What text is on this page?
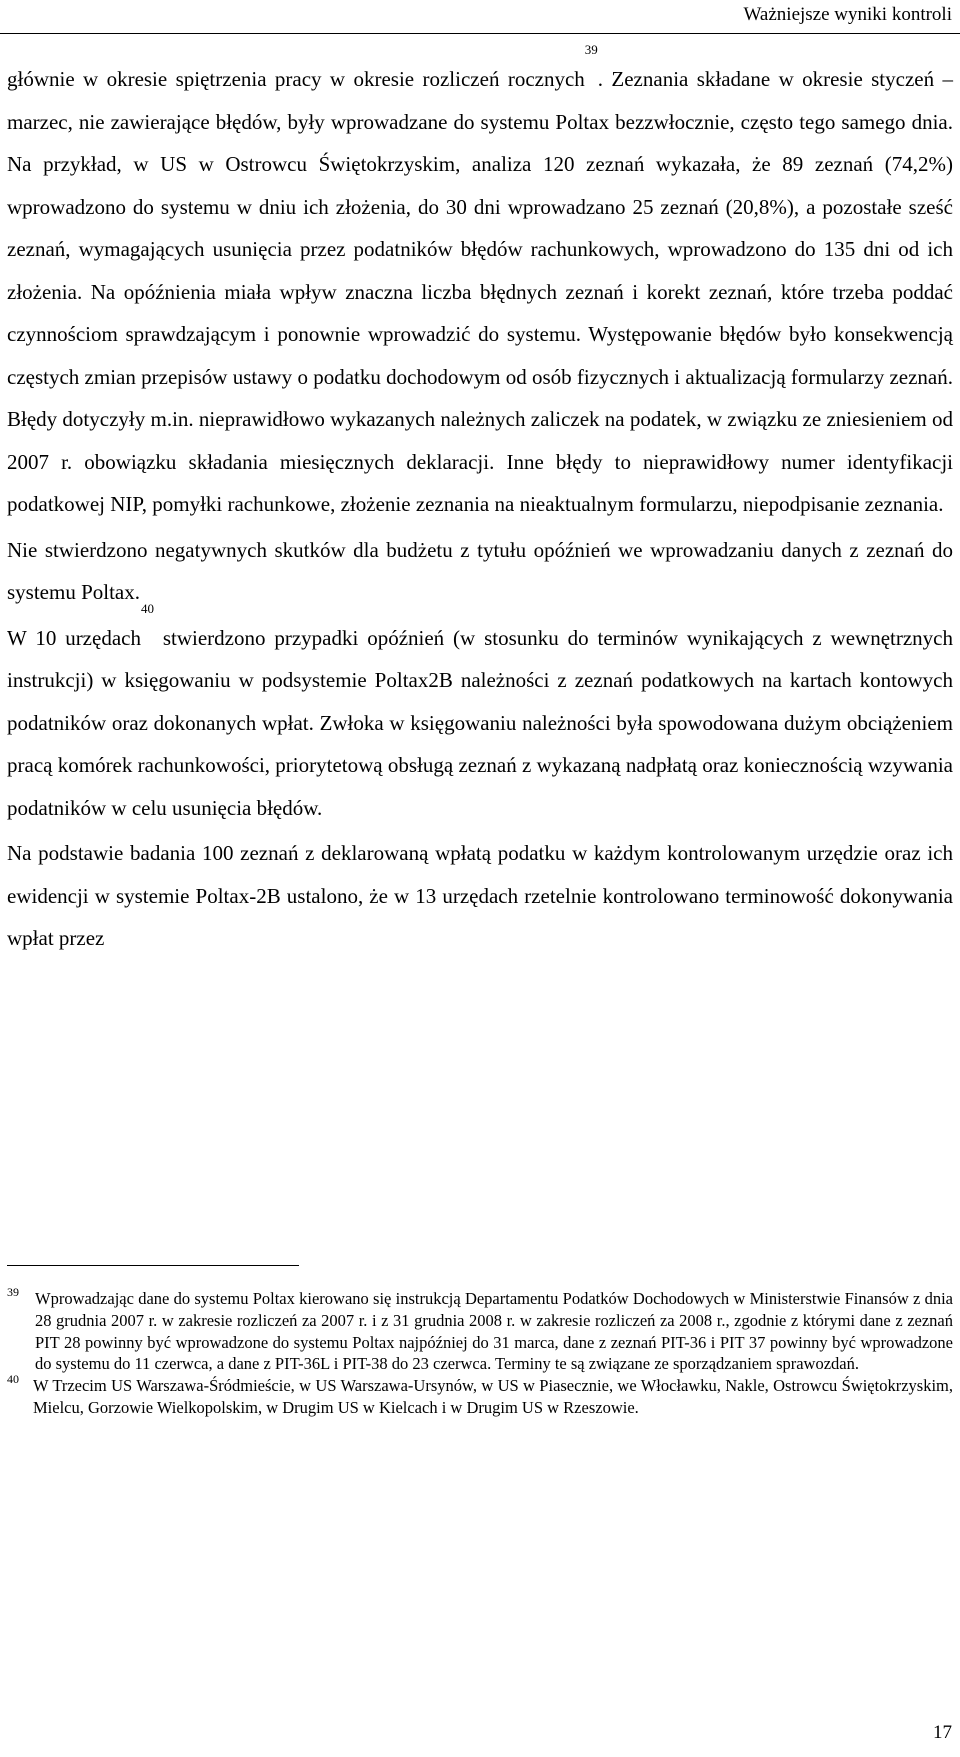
Ważniejsze wyniki kontroli

głównie w okresie spiętrzenia pracy w okresie rozliczeń rocznych$^{39}$. Zeznania składane w okresie styczeń – marzec, nie zawierające błędów, były wprowadzane do systemu Poltax bezzwłocznie, często tego samego dnia. Na przykład, w US w Ostrowcu Świętokrzyskim, analiza 120 zeznań wykazała, że 89 zeznań (74,2%) wprowadzono do systemu w dniu ich złożenia, do 30 dni wprowadzano 25 zeznań (20,8%), a pozostałe sześć zeznań, wymagających usunięcia przez podatników błędów rachunkowych, wprowadzono do 135 dni od ich złożenia. Na opóźnienia miała wpływ znaczna liczba błędnych zeznań i korekt zeznań, które trzeba poddać czynnościom sprawdzającym i ponownie wprowadzić do systemu. Występowanie błędów było konsekwencją częstych zmian przepisów ustawy o podatku dochodowym od osób fizycznych i aktualizacją formularzy zeznań. Błędy dotyczyły m.in. nieprawidłowo wykazanych należnych zaliczek na podatek, w związku ze zniesieniem od 2007 r. obowiązku składania miesięcznych deklaracji. Inne błędy to nieprawidłowy numer identyfikacji podatkowej NIP, pomyłki rachunkowe, złożenie zeznania na nieaktualnym formularzu, niepodpisanie zeznania.

Nie stwierdzono negatywnych skutków dla budżetu z tytułu opóźnień we wprowadzaniu danych z zeznań do systemu Poltax.

W 10 urzędach$^{40}$ stwierdzono przypadki opóźnień (w stosunku do terminów wynikających z wewnętrznych instrukcji) w księgowaniu w podsystemie Poltax2B należności z zeznań podatkowych na kartach kontowych podatników oraz dokonanych wpłat. Zwłoka w księgowaniu należności była spowodowana dużym obciążeniem pracą komórek rachunkowości, priorytetową obsługą zeznań z wykazaną nadpłatą oraz koniecznością wzywania podatników w celu usunięcia błędów.

Na podstawie badania 100 zeznań z deklarowaną wpłatą podatku w każdym kontrolowanym urzędzie oraz ich ewidencji w systemie Poltax-2B ustalono, że w 13 urzędach rzetelnie kontrolowano terminowość dokonywania wpłat przez

39 Wprowadzając dane do systemu Poltax kierowano się instrukcją Departamentu Podatków Dochodowych w Ministerstwie Finansów z dnia 28 grudnia 2007 r. w zakresie rozliczeń za 2007 r. i z 31 grudnia 2008 r. w zakresie rozliczeń za 2008 r., zgodnie z którymi dane z zeznań PIT 28 powinny być wprowadzone do systemu Poltax najpóźniej do 31 marca, dane z zeznań PIT-36 i PIT 37 powinny być wprowadzone do systemu do 11 czerwca, a dane z PIT-36L i PIT-38 do 23 czerwca. Terminy te są związane ze sporządzaniem sprawozdań.
40 W Trzecim US Warszawa-Śródmieście, w US Warszawa-Ursynów, w US w Piasecznie, we Włocławku, Nakle, Ostrowcu Świętokrzyskim, Mielcu, Gorzowie Wielkopolskim, w Drugim US w Kielcach i w Drugim US w Rzeszowie.
17
